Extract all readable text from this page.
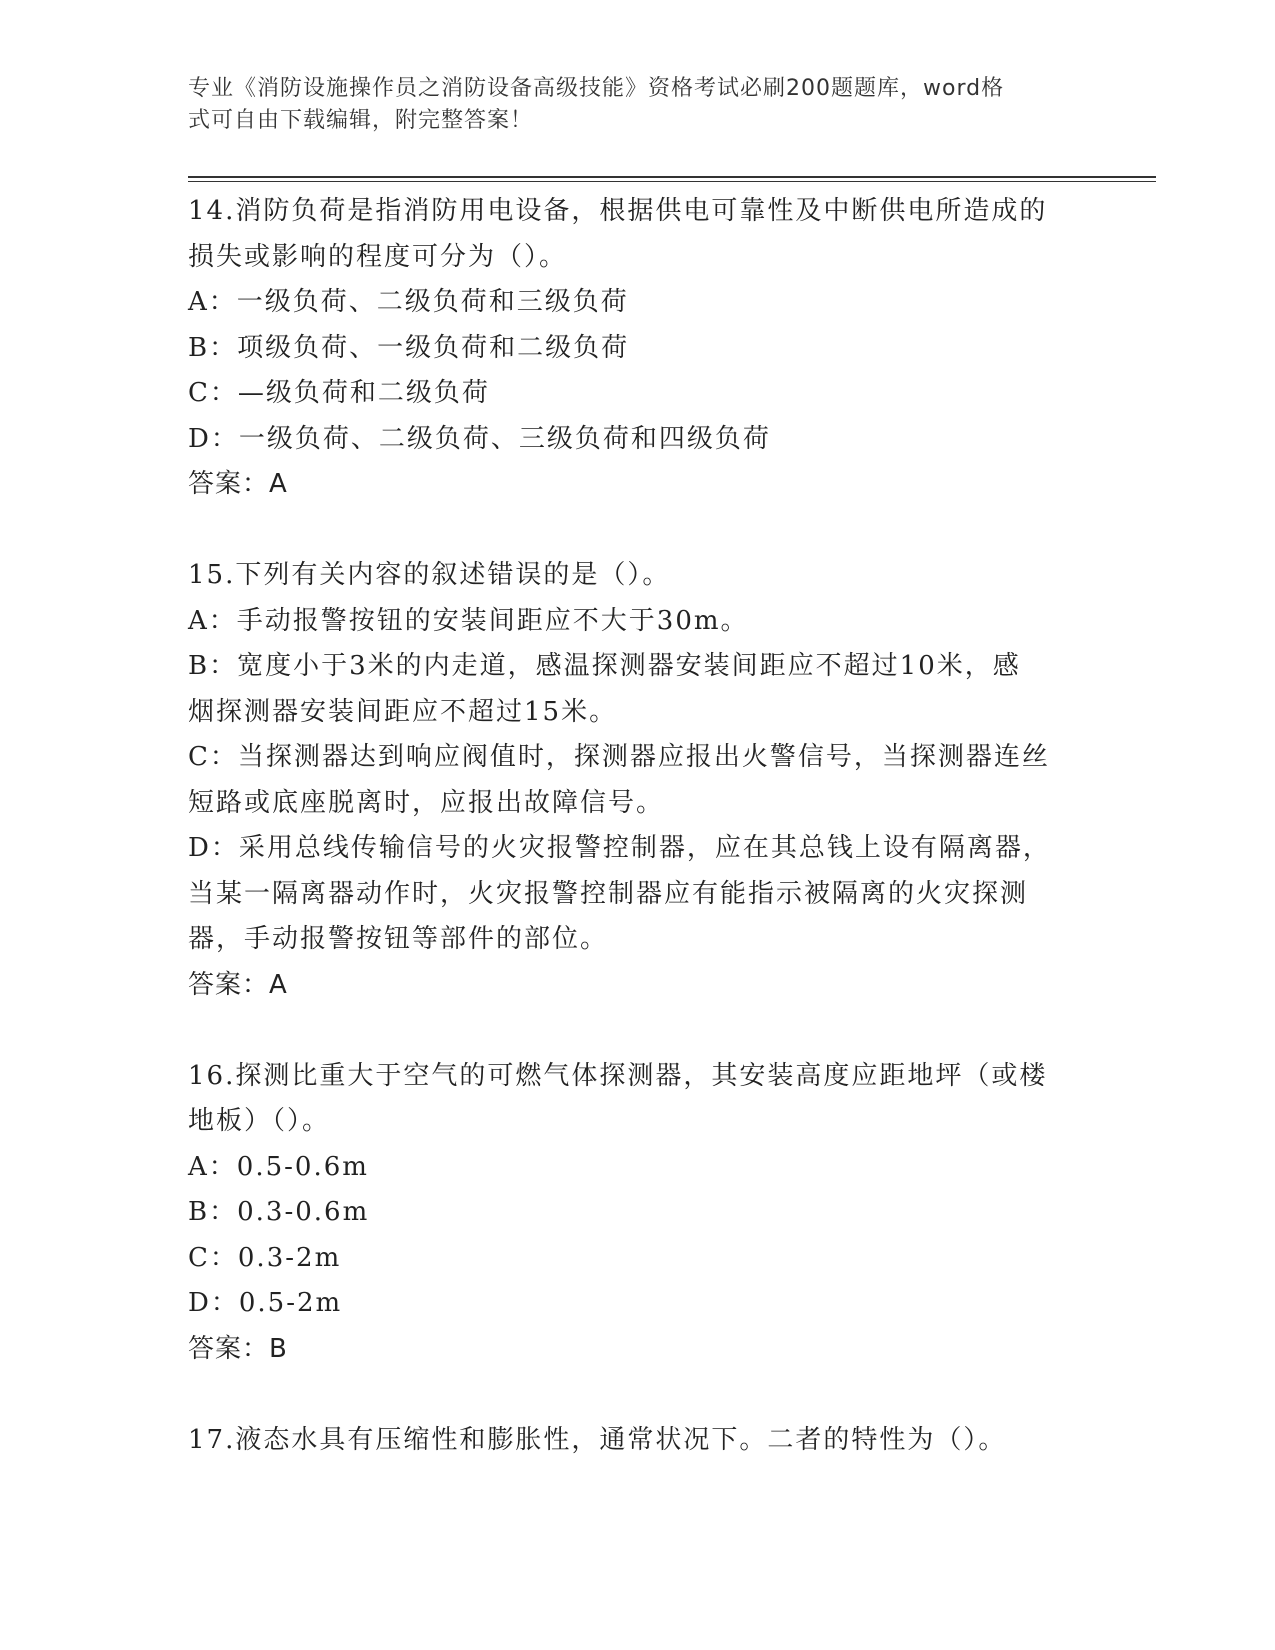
专业《消防设施操作员之消防设备高级技能》资格考试必刷200题题库，word格
式可自由下载编辑，附完整答案！
14.消防负荷是指消防用电设备，根据供电可靠性及中断供电所造成的
损失或影响的程度可分为（）。
A：一级负荷、二级负荷和三级负荷
B：项级负荷、一级负荷和二级负荷
C：—级负荷和二级负荷
D：一级负荷、二级负荷、三级负荷和四级负荷
答案：A
15.下列有关内容的叙述错误的是（）。
A：手动报警按钮的安装间距应不大于30m。
B：宽度小于3米的内走道，感温探测器安装间距应不超过10米，感
烟探测器安装间距应不超过15米。
C：当探测器达到响应阀值时，探测器应报出火警信号，当探测器连丝
短路或底座脱离时，应报出故障信号。
D：采用总线传输信号的火灾报警控制器，应在其总钱上设有隔离器，
当某一隔离器动作时，火灾报警控制器应有能指示被隔离的火灾探测
器，手动报警按钮等部件的部位。
答案：A
16.探测比重大于空气的可燃气体探测器，其安装高度应距地坪（或楼
地板）（）。
A：0.5-0.6m
B：0.3-0.6m
C：0.3-2m
D：0.5-2m
答案：B
17.液态水具有压缩性和膨胀性，通常状况下。二者的特性为（）。
